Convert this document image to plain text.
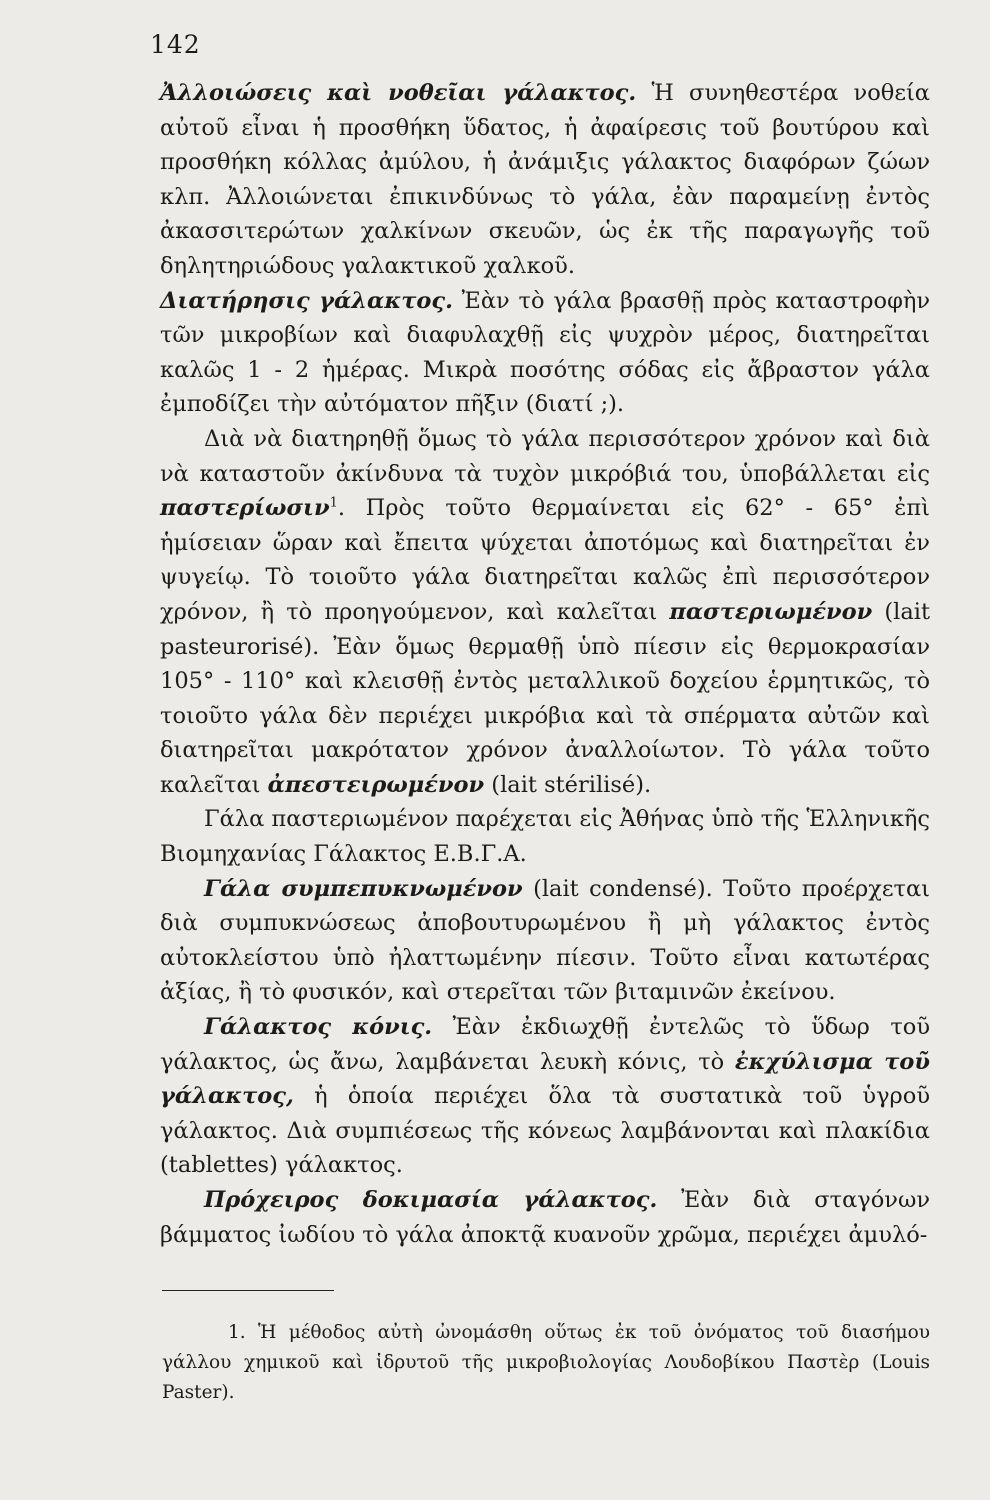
142

Ἀλλοιώσεις καὶ νοθεῖαι γάλακτος. Ἡ συνηθεστέρα νοθεία αὐτοῦ εἶναι ἡ προσθήκη ὕδατος, ἡ ἀφαίρεσις τοῦ βουτύρου καὶ προσθήκη κόλλας ἀμύλου, ἡ ἀνάμιξις γάλακτος διαφόρων ζώων κλπ. Ἀλλοιώνεται ἐπικινδύνως τὸ γάλα, ἐὰν παραμείνῃ ἐντὸς ἀκασσιτερώτων χαλκίνων σκευῶν, ὡς ἐκ τῆς παραγωγῆς τοῦ δηλητηριώδους γαλακτικοῦ χαλκοῦ.

Διατήρησις γάλακτος. Ἐὰν τὸ γάλα βρασθῇ πρὸς καταστροφὴν τῶν μικροβίων καὶ διαφυλαχθῇ εἰς ψυχρὸν μέρος, διατηρεῖται καλῶς 1 - 2 ἡμέρας. Μικρὰ ποσότης σόδας εἰς ἄβραστον γάλα ἐμποδίζει τὴν αὐτόματον πῆξιν (διατί ;).

Διὰ νὰ διατηρηθῇ ὅμως τὸ γάλα περισσότερον χρόνον καὶ διὰ νὰ καταστοῦν ἀκίνδυνα τὰ τυχὸν μικρόβιά του, ὑποβάλλεται εἰς παστερίωσιν$^1$. Πρὸς τοῦτο θερμαίνεται εἰς 62° - 65° ἐπὶ ἡμίσειαν ὥραν καὶ ἔπειτα ψύχεται ἀποτόμως καὶ διατηρεῖται ἐν ψυγείῳ. Τὸ τοιοῦτο γάλα διατηρεῖται καλῶς ἐπὶ περισσότερον χρόνον, ἢ τὸ προηγούμενον, καὶ καλεῖται παστεριωμένον (lait pasteurorisé). Ἐὰν ὅμως θερμαθῇ ὑπὸ πίεσιν εἰς θερμοκρασίαν 105° - 110° καὶ κλεισθῇ ἐντὸς μεταλλικοῦ δοχείου ἑρμητικῶς, τὸ τοιοῦτο γάλα δὲν περιέχει μικρόβια καὶ τὰ σπέρματα αὐτῶν καὶ διατηρεῖται μακρότατον χρόνον ἀναλλοίωτον. Τὸ γάλα τοῦτο καλεῖται ἀπεστειρωμένον (lait stérilisé).

Γάλα παστεριωμένον παρέχεται εἰς Ἀθήνας ὑπὸ τῆς Ἑλληνικῆς Βιομηχανίας Γάλακτος Ε.Β.Γ.Α.

Γάλα συμπεπυκνωμένον (lait condensé). Τοῦτο προέρχεται διὰ συμπυκνώσεως ἀποβουτυρωμένου ἢ μὴ γάλακτος ἐντὸς αὐτοκλείστου ὑπὸ ἠλαττωμένην πίεσιν. Τοῦτο εἶναι κατωτέρας ἀξίας, ἢ τὸ φυσικόν, καὶ στερεῖται τῶν βιταμινῶν ἐκείνου.

Γάλακτος κόνις. Ἐὰν ἐκδιωχθῇ ἐντελῶς τὸ ὕδωρ τοῦ γάλακτος, ὡς ἄνω, λαμβάνεται λευκὴ κόνις, τὸ ἐκχύλισμα τοῦ γάλακτος, ἡ ὁποία περιέχει ὅλα τὰ συστατικὰ τοῦ ὑγροῦ γάλακτος. Διὰ συμπιέσεως τῆς κόνεως λαμβάνονται καὶ πλακίδια (tablettes) γάλακτος.

Πρόχειρος δοκιμασία γάλακτος. Ἐὰν διὰ σταγόνων βάμματος ἰωδίου τὸ γάλα ἀποκτᾷ κυανοῦν χρῶμα, περιέχει ἀμυλό-

1. Ἡ μέθοδος αὐτὴ ὠνομάσθη οὕτως ἐκ τοῦ ὀνόματος τοῦ διασήμου γάλλου χημικοῦ καὶ ἱδρυτοῦ τῆς μικροβιολογίας Λουδοβίκου Παστὲρ (Louis Paster).
